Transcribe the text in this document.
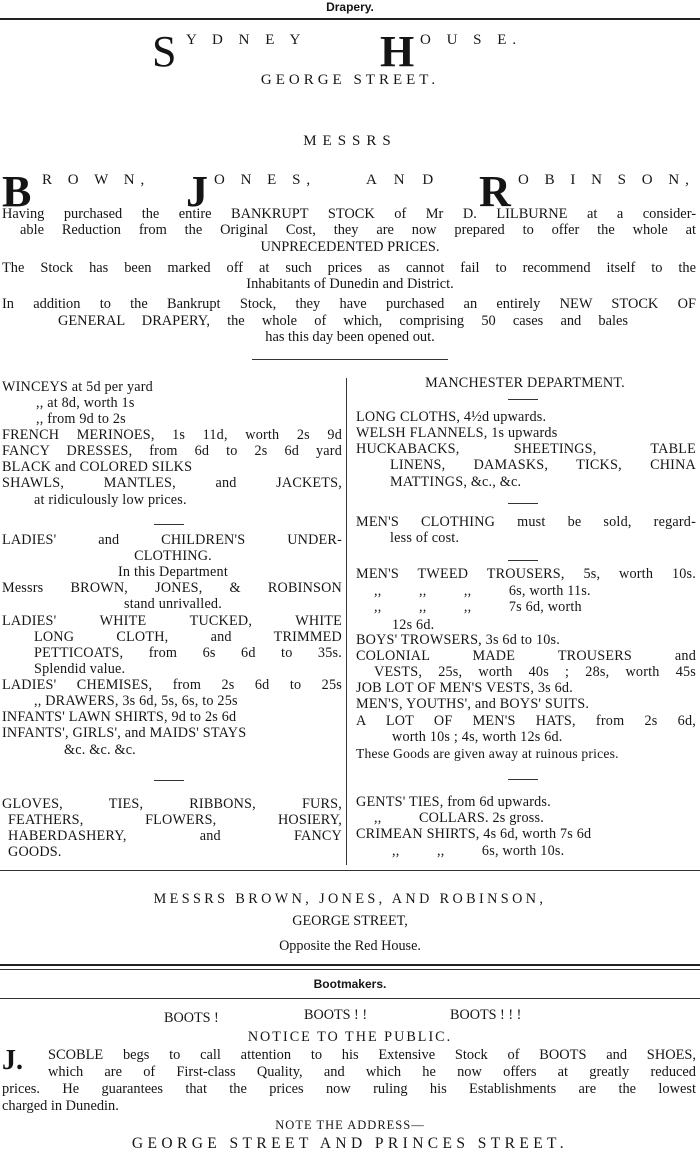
Drapery.
S Y D N E Y H O U S E.
GEORGE STREET.
MESSRS
B R O W N, J O N E S,	A N D R O B I N S O N,
Having purchased the entire BANKRUPT STOCK of Mr D. LILBURNE at a consider-
able Reduction from the Original Cost, they are now prepared to offer the whole at
UNPRECEDENTED PRICES.
The Stock has been marked off at such prices as cannot fail to recommend itself to the
Inhabitants of Dunedin and District.
In addition to the Bankrupt Stock, they have purchased an entirely NEW STOCK OF
GENERAL DRAPERY, the whole of which, comprising 50 cases and bales
has this day been opened out.
WINCEYS at 5d per yard
,, at 8d, worth 1s
,, from 9d to 2s
FRENCH MERINOES, 1s 11d, worth 2s 9d
FANCY DRESSES, from 6d to 2s 6d yard
BLACK and COLORED SILKS
SHAWLS, MANTLES, and JACKETS,
at ridiculously low prices.
LADIES' and CHILDREN'S UNDER-
CLOTHING.
In this Department
Messrs BROWN, JONES, & ROBINSON
stand unrivalled.
LADIES' WHITE TUCKED, WHITE
LONG CLOTH, and TRIMMED
PETTICOATS, from 6s 6d to 35s.
Splendid value.
LADIES' CHEMISES, from 2s 6d to 25s
,, DRAWERS, 3s 6d, 5s, 6s, to 25s
INFANTS' LAWN SHIRTS, 9d to 2s 6d
INFANTS', GIRLS', and MAIDS' STAYS
&c. &c. &c.
GLOVES, TIES, RIBBONS, FURS,
FEATHERS, FLOWERS, HOSIERY,
HABERDASHERY, and FANCY
GOODS.
MANCHESTER DEPARTMENT.
LONG CLOTHS, 4½d upwards.
WELSH FLANNELS, 1s upwards
HUCKABACKS, SHEETINGS, TABLE
LINENS, DAMASKS, TICKS, CHINA
MATTINGS, &c., &c.
MEN'S CLOTHING must be sold, regard-
less of cost.
MEN'S TWEED TROUSERS, 5s, worth 10s.
,,          ,,          ,,          6s, worth 11s.
,,          ,,          ,,          7s 6d, worth
12s 6d.
BOYS' TROWSERS, 3s 6d to 10s.
COLONIAL MADE TROUSERS and
VESTS, 25s, worth 40s ; 28s, worth 45s
JOB LOT OF MEN'S VESTS, 3s 6d.
MEN'S, YOUTHS', and BOYS' SUITS.
A LOT OF MEN'S HATS, from 2s 6d,
worth 10s ; 4s, worth 12s 6d.
These Goods are given away at ruinous prices.
GENTS' TIES, from 6d upwards.
,,          COLLARS. 2s gross.
CRIMEAN SHIRTS, 4s 6d, worth 7s 6d
,,          ,,          6s, worth 10s.
MESSRS BROWN, JONES, AND ROBINSON,
GEORGE STREET,
Opposite the Red House.
Bootmakers.
BOOTS !	BOOTS ! !	BOOTS ! ! !
NOTICE TO THE PUBLIC.
J. SCOBLE begs to call attention to his Extensive Stock of BOOTS and SHOES,
which are of First-class Quality, and which he now offers at greatly reduced
prices. He guarantees that the prices now ruling his Establishments are the lowest
charged in Dunedin.
NOTE THE ADDRESS—
GEORGE STREET AND PRINCES STREET.
